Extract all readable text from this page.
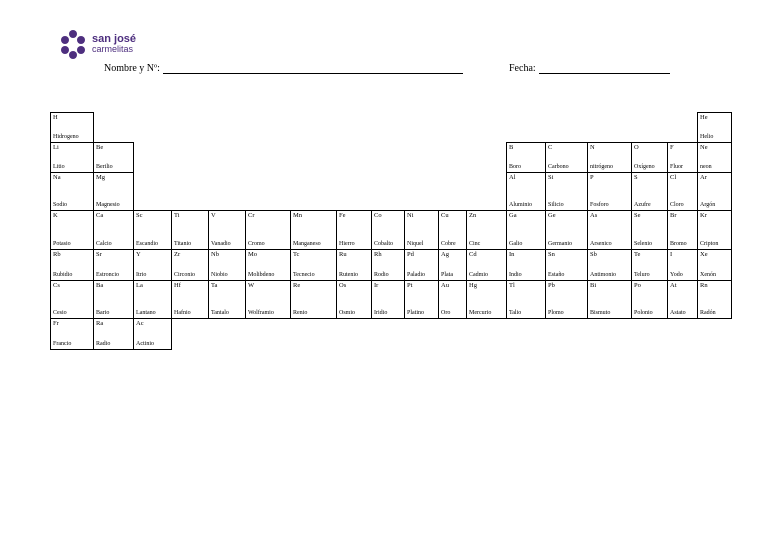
san josé
carmelitas
Nombre y Nº:	Fecha:
H
Hidrogeno
He
Helio
Li
Litio
Be
Berilio
B
Boro
C
Carbono
N
nitrógeno
O
Oxígeno
F
Fluor
Ne
neon
Na
Sodio
Mg
Magnesio
Al
Aluminio
Si
Silicio
P
Fosforo
S
Azufre
Cl
Cloro
Ar
Argón
K
Potasio
Ca
Calcio
Sc
Escandio
Ti
Titanio
V
Vanadio
Cr
Cromo
Mn
Manganeso
Fe
Hierro
Co
Cobalto
Ni
Niquel
Cu
Cobre
Zn
Cinc
Ga
Galio
Ge
Germanio
As
Arsenico
Se
Selenio
Br
Bromo
Kr
Cripton
Rb
Rubidio
Sr
Estroncio
Y
Itrio
Zr
Circonio
Nb
Niobio
Mo
Molibdeno
Tc
Tecnecio
Ru
Rutenio
Rh
Rodio
Pd
Paladio
Ag
Plata
Cd
Cadmio
In
Indio
Sn
Estaño
Sb
Antimonio
Te
Teluro
I
Yodo
Xe
Xenón
Cs
Cesio
Ba
Bario
La
Lantano
Hf
Hafnio
Ta
Tantalo
W
Wolframio
Re
Renio
Os
Osmio
Ir
Iridio
Pt
Platino
Au
Oro
Hg
Mercurio
Tl
Talio
Pb
Plomo
Bi
Bismuto
Po
Polonio
At
Astato
Rn
Radón
Fr
Francio
Ra
Radio
Ac
Actinio
